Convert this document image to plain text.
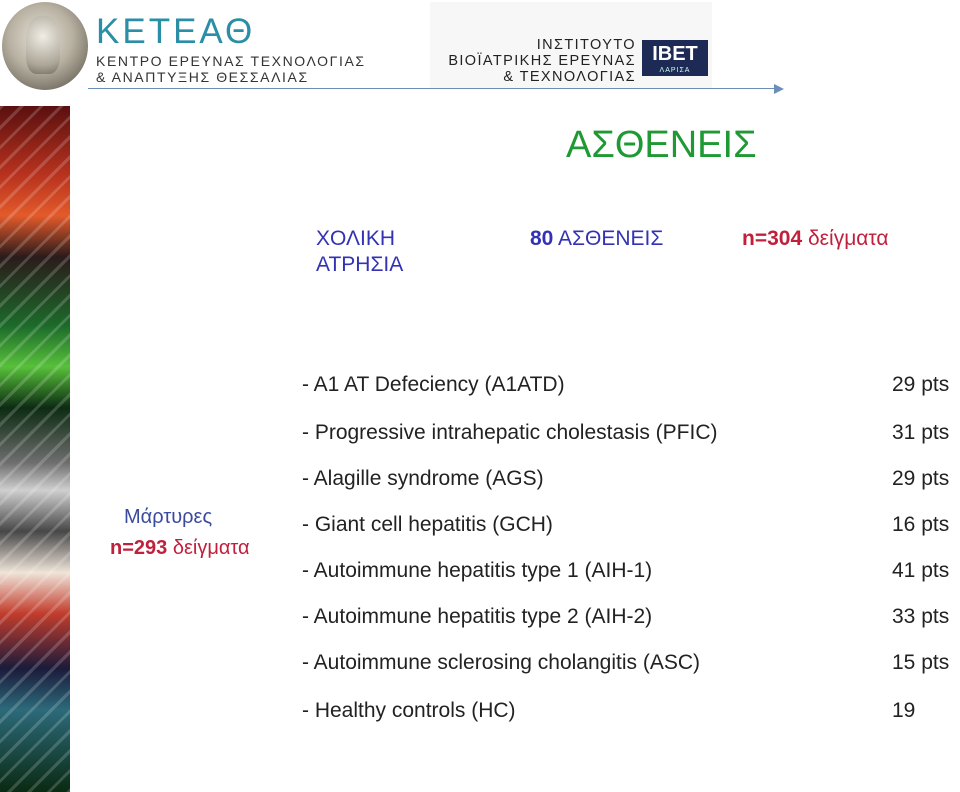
ΚΕΤΕΑΘ
ΚΕΝΤΡΟ ΕΡΕΥΝΑΣ ΤΕΧΝΟΛΟΓΙΑΣ
& ΑΝΑΠΤΥΞΗΣ ΘΕΣΣΑΛΙΑΣ
ΙΝΣΤΙΤΟΥΤΟ
ΒΙΟΪΑΤΡΙΚΗΣ ΕΡΕΥΝΑΣ
& ΤΕΧΝΟΛΟΓΙΑΣ
IBET
ΛΑΡΙΣΑ
ΑΣΘΕΝΕΙΣ
ΧΟΛΙΚΗ ΑΤΡΗΣΙΑ
80 ΑΣΘΕΝΕΙΣ	n=304 δείγματα
Μάρτυρες
n=293 δείγματα
- A1 AT Defeciency (A1ATD)	29 pts
- Progressive intrahepatic cholestasis (PFIC)	31 pts
- Alagille syndrome (AGS)	29 pts
- Giant cell hepatitis (GCH)	16 pts
- Autoimmune hepatitis type 1 (AIH-1)	41 pts
- Autoimmune hepatitis type 2 (AIH-2)	33 pts
- Autoimmune sclerosing cholangitis (ASC)	15 pts
- Healthy controls (HC)	19
